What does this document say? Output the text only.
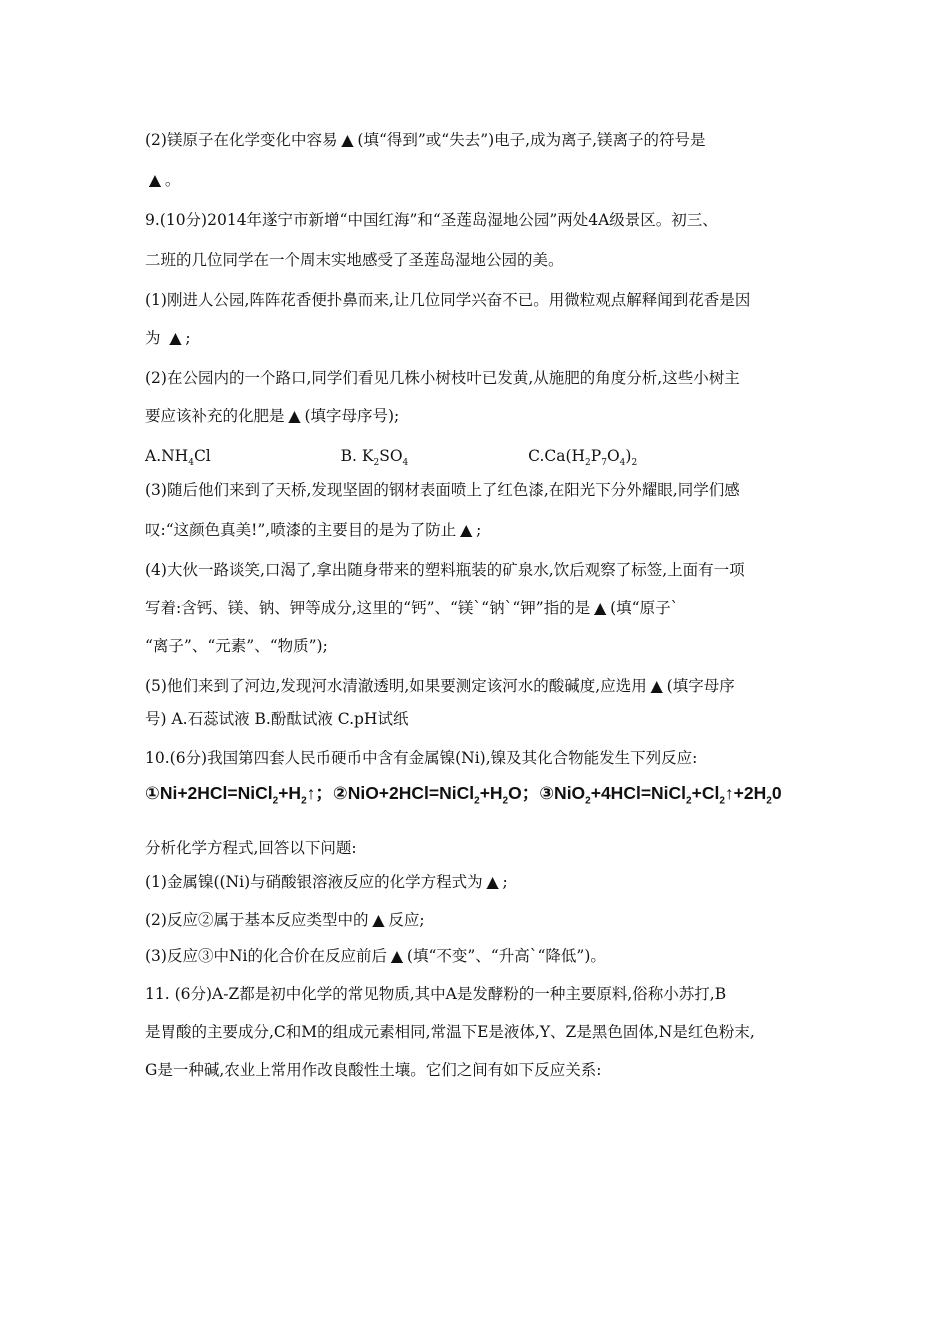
$A.NH_4Cl$	B. $K_2SO_4$	$C.Ca(H_2P_7O_4)_2$
号) A.石蕊试液 B.酚酞试液 C.pH试纸
$①Ni+2HCl=NiCl_2+H_2↑$；$②NiO+2HCl=NiCl_2+H_2O$；$③NiO_2+4HCl=NiCl_2+Cl_2↑+2H_20$
(2)镁原子在化学变化中容易 ▲ (填“得到”或“失去”)电子,成为离子,镁离子的符号是
▲ 。
9.(10分)2014年遂宁市新增“中国红海”和“圣莲岛湿地公园”两处4A级景区。初三、
二班的几位同学在一个周末实地感受了圣莲岛湿地公园的美。
(1)刚进人公园,阵阵花香便扑鼻而来,让几位同学兴奋不已。用微粒观点解释闻到花香是因
为 ▲ ;
(2)在公园内的一个路口,同学们看见几株小树枝叶已发黄,从施肥的角度分析,这些小树主
要应该补充的化肥是 ▲ (填字母序号);
(3)随后他们来到了天桥,发现坚固的钢材表面喷上了红色漆,在阳光下分外耀眼,同学们感
叹:“这颜色真美!”,喷漆的主要目的是为了防止 ▲ ;
(4)大伙一路谈笑,口渴了,拿出随身带来的塑料瓶装的矿泉水,饮后观察了标签,上面有一项
写着:含钙、镁、钠、钾等成分,这里的“钙”、“镁`“钠`“钾”指的是 ▲ (填“原子`
“离子”、“元素”、“物质”);
(5)他们来到了河边,发现河水清澈透明,如果要测定该河水的酸碱度,应选用 ▲ (填字母序
10.(6分)我国第四套人民币硬币中含有金属镍(Ni),镍及其化合物能发生下列反应:
分析化学方程式,回答以下问题:
(1)金属镍((Ni)与硝酸银溶液反应的化学方程式为 ▲ ;
(2)反应②属于基本反应类型中的 ▲ 反应;
(3)反应③中Ni的化合价在反应前后 ▲ (填“不变”、“升高`“降低”)。
11. (6分)A-Z都是初中化学的常见物质,其中A是发酵粉的一种主要原料,俗称小苏打,B
是胃酸的主要成分,C和M的组成元素相同,常温下E是液体,Y、Z是黑色固体,N是红色粉末,
G是一种碱,农业上常用作改良酸性土壤。它们之间有如下反应关系:
